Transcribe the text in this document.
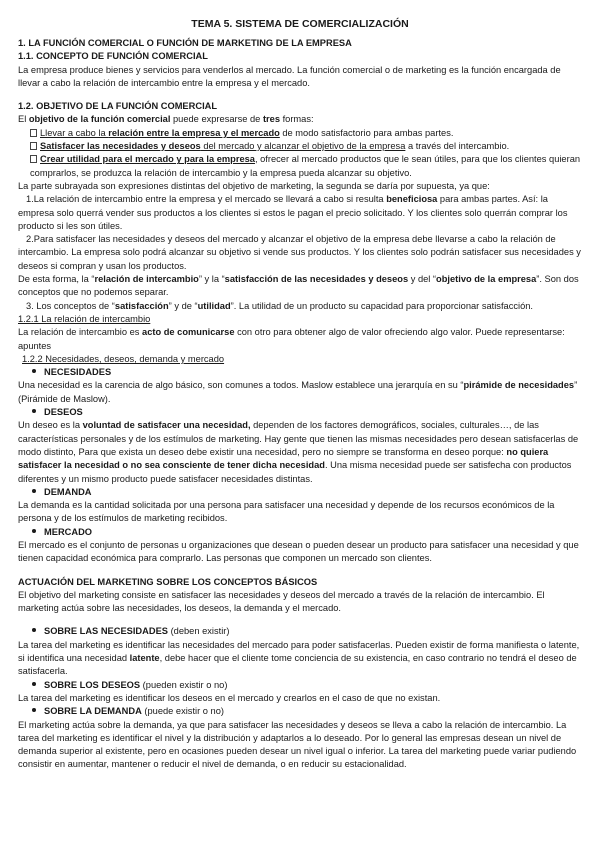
TEMA 5. SISTEMA DE COMERCIALIZACIÓN
1. LA FUNCIÓN COMERCIAL O FUNCIÓN DE MARKETING DE LA EMPRESA
1.1. CONCEPTO DE FUNCIÓN COMERCIAL
La empresa produce bienes y servicios para venderlos al mercado. La función comercial o de marketing es la función encargada de llevar a cabo la relación de intercambio entre la empresa y el mercado.
1.2. OBJETIVO DE LA FUNCIÓN COMERCIAL
El objetivo de la función comercial puede expresarse de tres formas:
Llevar a cabo la relación entre la empresa y el mercado de modo satisfactorio para ambas partes.
Satisfacer las necesidades y deseos del mercado y alcanzar el objetivo de la empresa a través del intercambio.
Crear utilidad para el mercado y para la empresa, ofrecer al mercado productos que le sean útiles, para que los clientes quieran comprarlos, se produzca la relación de intercambio y la empresa pueda alcanzar su objetivo.
La parte subrayada son expresiones distintas del objetivo de marketing, la segunda se daría por supuesta, ya que:
1.La relación de intercambio entre la empresa y el mercado se llevará a cabo si resulta beneficiosa para ambas partes. Así: la empresa solo querrá vender sus productos a los clientes si estos le pagan el precio solicitado. Y los clientes solo querrán comprar los producto si les son útiles.
2.Para satisfacer las necesidades y deseos del mercado y alcanzar el objetivo de la empresa debe llevarse a cabo la relación de intercambio. La empresa solo podrá alcanzar su objetivo si vende sus productos. Y los clientes solo podrán satisfacer sus necesidades y deseos si compran y usan los productos.
De esta forma, la “relación de intercambio” y la “satisfacción de las necesidades y deseos y del “objetivo de la empresa”. Son dos conceptos que no podemos separar.
3. Los conceptos de “satisfacción” y de “utilidad”. La utilidad de un producto su capacidad para proporcionar satisfacción.
1.2.1 La relación de intercambio
La relación de intercambio es acto de comunicarse con otro para obtener algo de valor ofreciendo algo valor. Puede representarse: apuntes
1.2.2 Necesidades, deseos, demanda y mercado
NECESIDADES
Una necesidad es la carencia de algo básico, son comunes a todos. Maslow establece una jerarquía en su “pirámide de necesidades” (Pirámide de Maslow).
DESEOS
Un deseo es la voluntad de satisfacer una necesidad, dependen de los factores demográficos, sociales, culturales…, de las características personales y de los estímulos de marketing. Hay gente que tienen las mismas necesidades pero desean satisfacerlas de modo distinto, Para que exista un deseo debe existir una necesidad, pero no siempre se transforma en deseo porque: no quiera satisfacer la necesidad o no sea consciente de tener dicha necesidad. Una misma necesidad puede ser satisfecha con productos diferentes y un mismo producto puede satisfacer necesidades distintas.
DEMANDA
La demanda es la cantidad solicitada por una persona para satisfacer una necesidad y depende de los recursos económicos de la persona y de los estímulos de marketing recibidos.
MERCADO
El mercado es el conjunto de personas u organizaciones que desean o pueden desear un producto para satisfacer una necesidad y que tienen capacidad económica para comprarlo. Las personas que componen un mercado son clientes.
ACTUACIÓN DEL MARKETING SOBRE LOS CONCEPTOS BÁSICOS
El objetivo del marketing consiste en satisfacer las necesidades y deseos del mercado a través de la relación de intercambio. El marketing actúa sobre las necesidades, los deseos, la demanda y el mercado.
SOBRE LAS NECESIDADES (deben existir)
La tarea del marketing es identificar las necesidades del mercado para poder satisfacerlas. Pueden existir de forma manifiesta o latente, si identifica una necesidad latente, debe hacer que el cliente tome conciencia de su existencia, en caso contrario no tendrá el deseo de satisfacerla.
SOBRE LOS DESEOS (pueden existir o no)
La tarea del marketing es identificar los deseos en el mercado y crearlos en el caso de que no existan.
SOBRE LA DEMANDA (puede existir o no)
El marketing actúa sobre la demanda, ya que para satisfacer las necesidades y deseos se lleva a cabo la relación de intercambio. La tarea del marketing es identificar el nivel y la distribución y adaptarlos a lo deseado. Por lo general las empresas desean un nivel de demanda superior al existente, pero en ocasiones pueden desear un nivel igual o inferior. La tarea del marketing puede variar pudiendo consistir en aumentar, mantener o reducir el nivel de demanda, o en reducir su estacionalidad.
